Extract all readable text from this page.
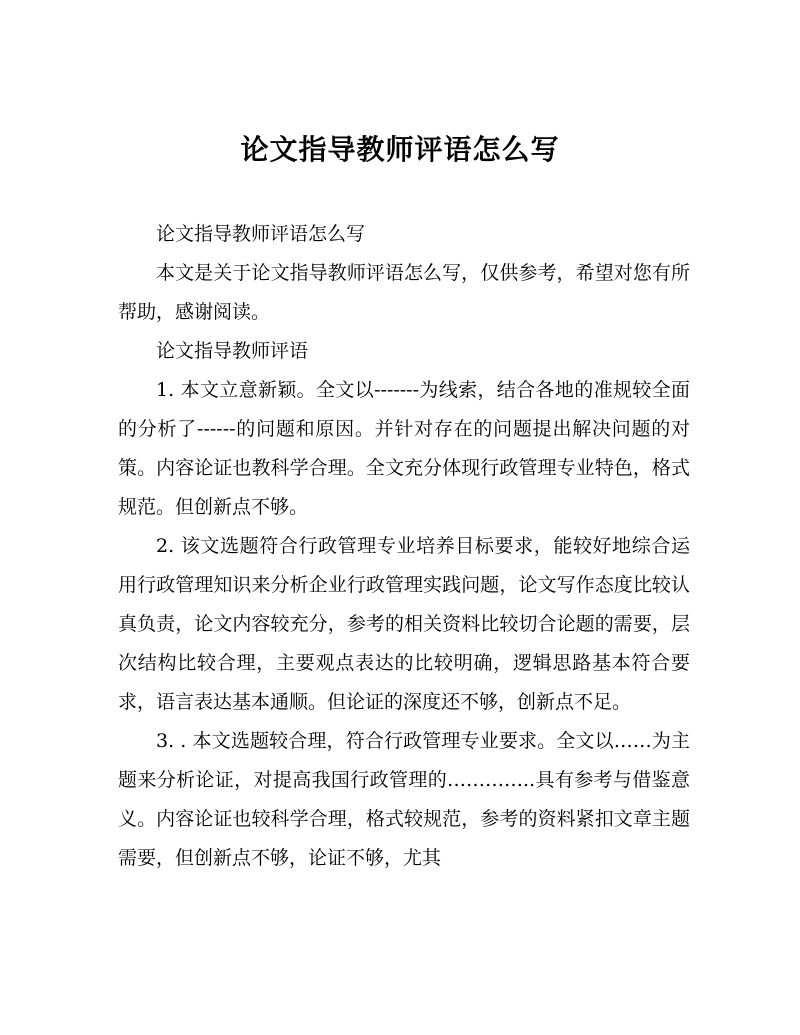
论文指导教师评语怎么写

论文指导教师评语怎么写

本文是关于论文指导教师评语怎么写，仅供参考，希望对您有所帮助，感谢阅读。

论文指导教师评语

1. 本文立意新颖。全文以-------为线索，结合各地的准规较全面的分析了------的问题和原因。并针对存在的问题提出解决问题的对策。内容论证也教科学合理。全文充分体现行政管理专业特色，格式规范。但创新点不够。

2. 该文选题符合行政管理专业培养目标要求，能较好地综合运用行政管理知识来分析企业行政管理实践问题，论文写作态度比较认真负责，论文内容较充分，参考的相关资料比较切合论题的需要，层次结构比较合理，主要观点表达的比较明确，逻辑思路基本符合要求，语言表达基本通顺。但论证的深度还不够，创新点不足。

3. . 本文选题较合理，符合行政管理专业要求。全文以……为主题来分析论证，对提高我国行政管理的…………..具有参考与借鉴意义。内容论证也较科学合理，格式较规范，参考的资料紧扣文章主题需要，但创新点不够，论证不够，尤其
